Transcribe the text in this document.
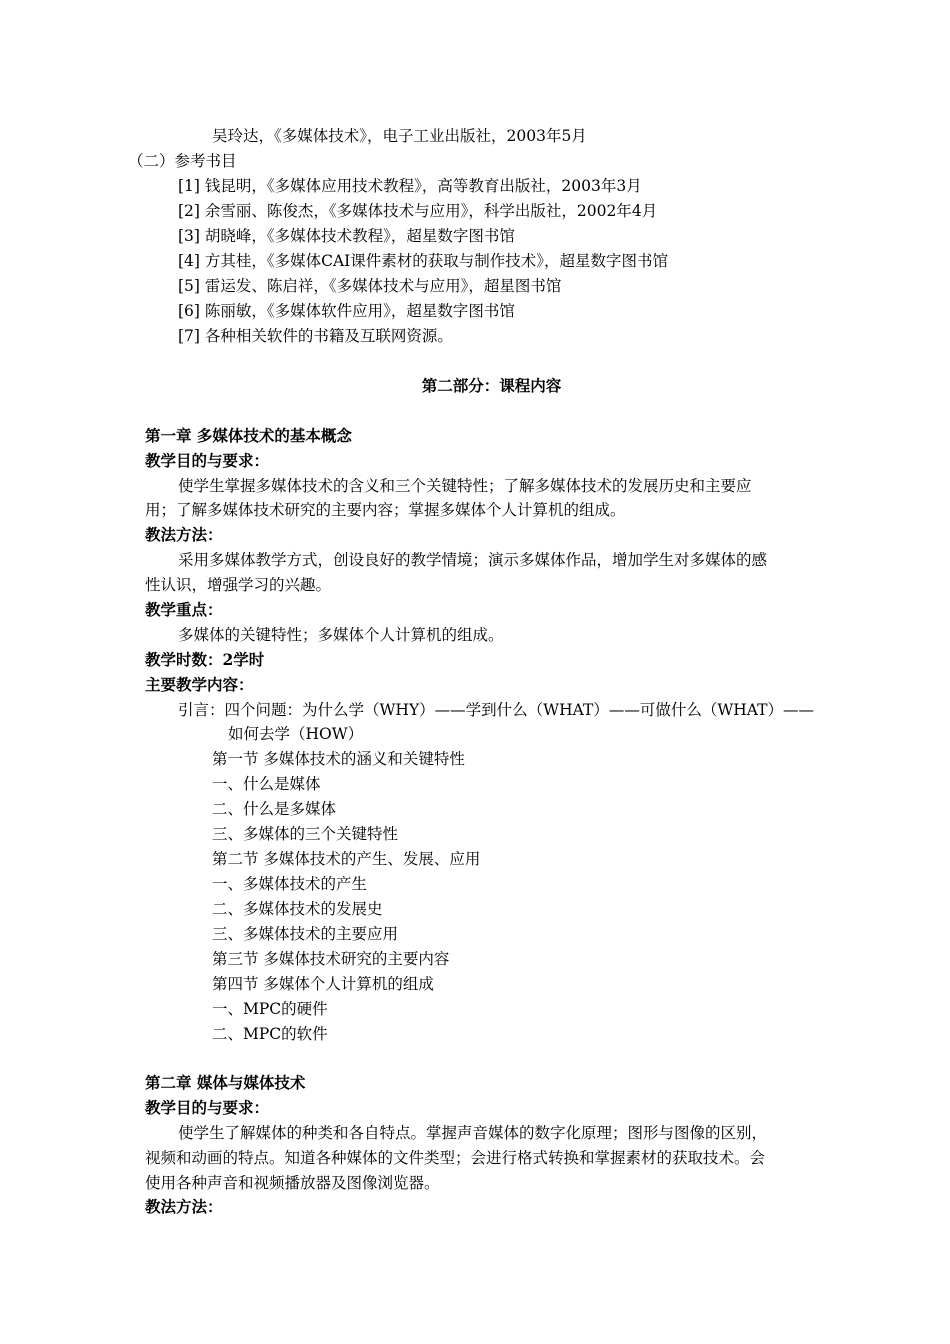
吴玲达，《多媒体技术》，电子工业出版社，2003年5月
（二）参考书目
[1] 钱昆明，《多媒体应用技术教程》，高等教育出版社，2003年3月
[2] 余雪丽、陈俊杰，《多媒体技术与应用》，科学出版社，2002年4月
[3] 胡晓峰，《多媒体技术教程》，超星数字图书馆
[4] 方其桂，《多媒体CAI课件素材的获取与制作技术》，超星数字图书馆
[5] 雷运发、陈启祥，《多媒体技术与应用》，超星图书馆
[6] 陈丽敏，《多媒体软件应用》，超星数字图书馆
[7] 各种相关软件的书籍及互联网资源。
第二部分：课程内容
第一章 多媒体技术的基本概念
教学目的与要求：
使学生掌握多媒体技术的含义和三个关键特性；了解多媒体技术的发展历史和主要应
用；了解多媒体技术研究的主要内容；掌握多媒体个人计算机的组成。
教法方法：
采用多媒体教学方式，创设良好的教学情境；演示多媒体作品，增加学生对多媒体的感
性认识，增强学习的兴趣。
教学重点：
多媒体的关键特性；多媒体个人计算机的组成。
教学时数：2学时
主要教学内容：
引言：四个问题：为什么学（WHY）——学到什么（WHAT）——可做什么（WHAT）——
如何去学（HOW）
第一节 多媒体技术的涵义和关键特性
一、什么是媒体
二、什么是多媒体
三、多媒体的三个关键特性
第二节 多媒体技术的产生、发展、应用
一、多媒体技术的产生
二、多媒体技术的发展史
三、多媒体技术的主要应用
第三节 多媒体技术研究的主要内容
第四节 多媒体个人计算机的组成
一、MPC的硬件
二、MPC的软件
第二章 媒体与媒体技术
教学目的与要求：
使学生了解媒体的种类和各自特点。掌握声音媒体的数字化原理；图形与图像的区别，
视频和动画的特点。知道各种媒体的文件类型；会进行格式转换和掌握素材的获取技术。会
使用各种声音和视频播放器及图像浏览器。
教法方法：
